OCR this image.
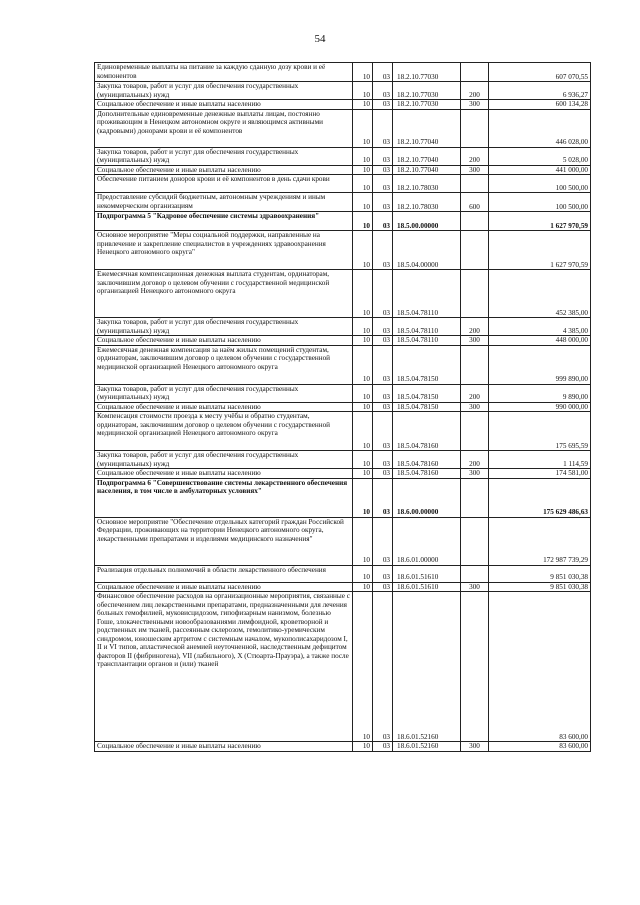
54
Единовременные выплаты на питание за каждую сданную дозу крови и её компонентов	10	03	18.2.10.77030		607 070,55
Закупка товаров, работ и услуг для обеспечения государственных (муниципальных) нужд	10	03	18.2.10.77030	200	6 936,27
Социальное обеспечение и иные выплаты населению	10	03	18.2.10.77030	300	600 134,28
Дополнительные единовременные денежные выплаты лицам, постоянно проживающим в Ненецком автономном округе и являющимся активными (кадровыми) донорами крови и её компонентов	10	03	18.2.10.77040		446 028,00
Закупка товаров, работ и услуг для обеспечения государственных (муниципальных) нужд	10	03	18.2.10.77040	200	5 028,00
Социальное обеспечение и иные выплаты населению	10	03	18.2.10.77040	300	441 000,00
Обеспечение питанием доноров крови и её компонентов в день сдачи крови	10	03	18.2.10.78030		100 500,00
Предоставление субсидий бюджетным, автономным учреждениям и иным некоммерческим организациям	10	03	18.2.10.78030	600	100 500,00
Подпрограмма 5 "Кадровое обеспечение системы здравоохранения"	10	03	18.5.00.00000		1 627 970,59
Основное мероприятие "Меры социальной поддержки, направленные на привлечение и закрепление специалистов в учреждениях здравоохранения Ненецкого автономного округа"	10	03	18.5.04.00000		1 627 970,59
Ежемесячная компенсационная денежная выплата студентам, ординаторам, заключившим договор о целевом обучении с государственной медицинской организацией Ненецкого автономного округа	10	03	18.5.04.78110		452 385,00
Закупка товаров, работ и услуг для обеспечения государственных (муниципальных) нужд	10	03	18.5.04.78110	200	4 385,00
Социальное обеспечение и иные выплаты населению	10	03	18.5.04.78110	300	448 000,00
Ежемесячная денежная компенсация за наём жилых помещений студентам, ординаторам, заключившим договор о целевом обучении с государственной медицинской организацией Ненецкого автономного округа	10	03	18.5.04.78150		999 890,00
Закупка товаров, работ и услуг для обеспечения государственных (муниципальных) нужд	10	03	18.5.04.78150	200	9 890,00
Социальное обеспечение и иные выплаты населению	10	03	18.5.04.78150	300	990 000,00
Компенсация стоимости проезда к месту учёбы и обратно студентам, ординаторам, заключившим договор о целевом обучении с государственной медицинской организацией Ненецкого автономного округа	10	03	18.5.04.78160		175 695,59
Закупка товаров, работ и услуг для обеспечения государственных (муниципальных) нужд	10	03	18.5.04.78160	200	1 114,59
Социальное обеспечение и иные выплаты населению	10	03	18.5.04.78160	300	174 581,00
Подпрограмма 6 "Совершенствование системы лекарственного обеспечения населения, в том числе в амбулаторных условиях"	10	03	18.6.00.00000		175 629 486,63
Основное мероприятие "Обеспечение отдельных категорий граждан Российской Федерации, проживающих на территории Ненецкого автономного округа, лекарственными препаратами и изделиями медицинского назначения"	10	03	18.6.01.00000		172 987 739,29
Реализация отдельных полномочий в области лекарственного обеспечения	10	03	18.6.01.51610		9 851 030,38
Социальное обеспечение и иные выплаты населению	10	03	18.6.01.51610	300	9 851 030,38
Финансовое обеспечение расходов на организационные мероприятия, связанные с обеспечением лиц лекарственными препаратами, предназначенными для лечения больных гемофилией, муковисцидозом, гипофизарным нанизмом, болезнью Гоше, злокачественными новообразованиями лимфоидной, кроветворной и родственных им тканей, рассеянным склерозом, гемолитико-уремическим синдромом, юношеским артритом с системным началом, мукополисахаридозом I, II и VI типов, апластической анемией неуточненной, наследственным дефицитом факторов II (фибриногена), VII (лабильного), X (Стюарта-Прауэра), а также после трансплантации органов и (или) тканей	10	03	18.6.01.52160		83 600,00
Социальное обеспечение и иные выплаты населению	10	03	18.6.01.52160	300	83 600,00
